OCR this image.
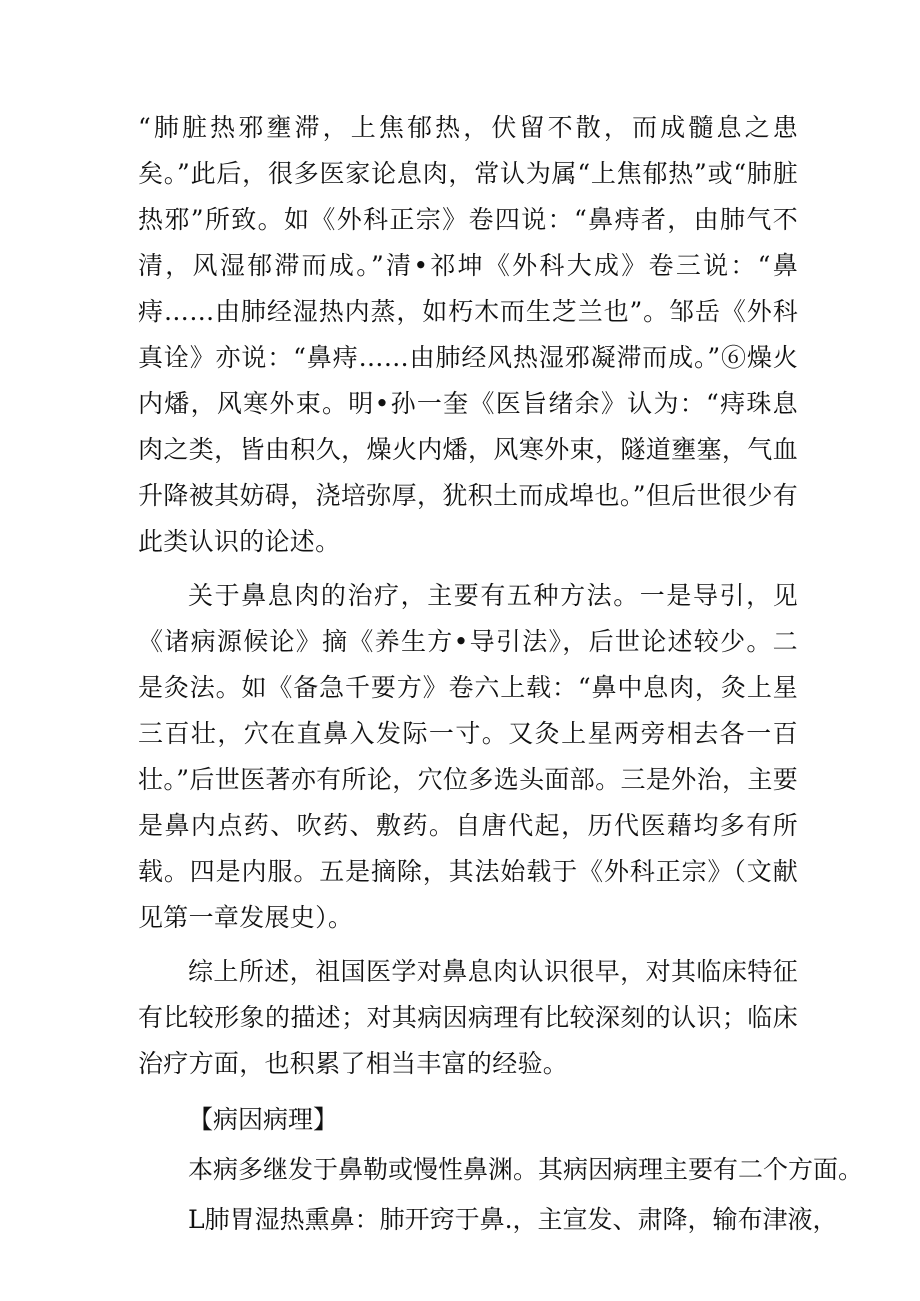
“肺脏热邪壅滞，上焦郁热，伏留不散，而成髓息之患矣。”此后，很多医家论息肉，常认为属“上焦郁热”或“肺脏热邪”所致。如《外科正宗》卷四说：“鼻痔者，由肺气不清，风湿郁滞而成。”清•祁坤《外科大成》卷三说：“鼻痔……由肺经湿热内蒸，如朽木而生芝兰也”。邹岳《外科真诠》亦说：“鼻痔……由肺经风热湿邪凝滞而成。”⑥燥火内燔，风寒外束。明•孙一奎《医旨绪余》认为：“痔珠息肉之类，皆由积久，燥火内燔，风寒外束，隧道壅塞，气血升降被其妨碍，浇培弥厚，犹积土而成埠也。”但后世很少有此类认识的论述。

关于鼻息肉的治疗，主要有五种方法。一是导引，见《诸病源候论》摘《养生方•导引法》，后世论述较少。二是灸法。如《备急千要方》卷六上载：“鼻中息肉，灸上星三百壮，穴在直鼻入发际一寸。又灸上星两旁相去各一百壮。”后世医著亦有所论，穴位多选头面部。三是外治，主要是鼻内点药、吹药、敷药。自唐代起，历代医藉均多有所载。四是内服。五是摘除，其法始载于《外科正宗》（文献见第一章发展史）。

综上所述，祖国医学对鼻息肉认识很早，对其临床特征有比较形象的描述；对其病因病理有比较深刻的认识；临床治疗方面，也积累了相当丰富的经验。

【病因病理】

本病多继发于鼻勒或慢性鼻渊。其病因病理主要有二个方面。

L肺胃湿热熏鼻：肺开窍于鼻.，主宣发、肃降，输布津液，
